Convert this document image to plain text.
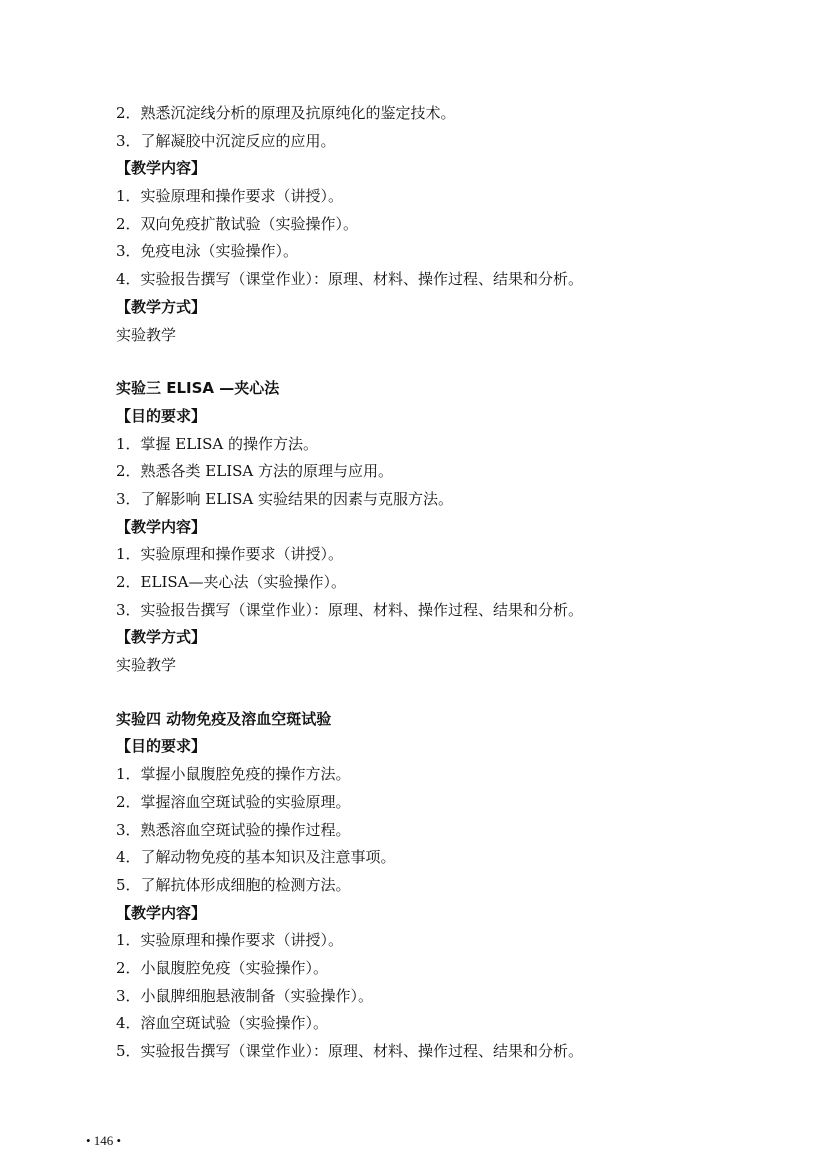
2．熟悉沉淀线分析的原理及抗原纯化的鉴定技术。
3．了解凝胶中沉淀反应的应用。
【教学内容】
1．实验原理和操作要求（讲授）。
2．双向免疫扩散试验（实验操作）。
3．免疫电泳（实验操作）。
4．实验报告撰写（课堂作业）：原理、材料、操作过程、结果和分析。
【教学方式】
实验教学
实验三 ELISA —夹心法
【目的要求】
1．掌握 ELISA 的操作方法。
2．熟悉各类 ELISA 方法的原理与应用。
3．了解影响 ELISA 实验结果的因素与克服方法。
【教学内容】
1．实验原理和操作要求（讲授）。
2．ELISA—夹心法（实验操作）。
3．实验报告撰写（课堂作业）：原理、材料、操作过程、结果和分析。
【教学方式】
实验教学
实验四 动物免疫及溶血空斑试验
【目的要求】
1．掌握小鼠腹腔免疫的操作方法。
2．掌握溶血空斑试验的实验原理。
3．熟悉溶血空斑试验的操作过程。
4．了解动物免疫的基本知识及注意事项。
5．了解抗体形成细胞的检测方法。
【教学内容】
1．实验原理和操作要求（讲授）。
2．小鼠腹腔免疫（实验操作）。
3．小鼠脾细胞悬液制备（实验操作）。
4．溶血空斑试验（实验操作）。
5．实验报告撰写（课堂作业）：原理、材料、操作过程、结果和分析。
• 146 •
